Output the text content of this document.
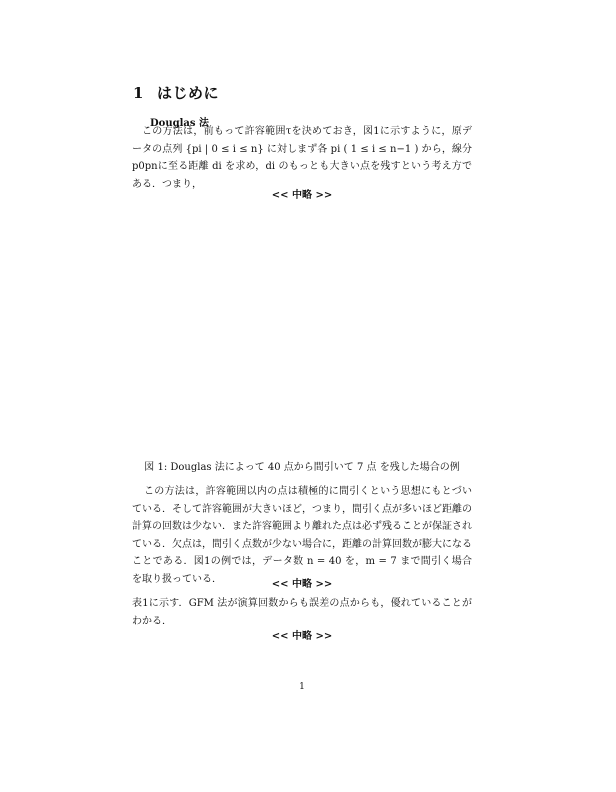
1 はじめに
Douglas 法

この方法は，前もって許容範囲τを決めておき，図1に示すように，原データの点列 {pi | 0 ≤ i ≤ n} に対しまず各 pi ( 1 ≤ i ≤ n−1 ) から，線分p0pnに至る距離 di を求め，di のもっとも大きい点を残すという考え方である．つまり，

<< 中略 >>
図 1: Douglas 法によって 40 点から間引いて 7 点 を残した場合の例

この方法は，許容範囲以内の点は積極的に間引くという思想にもとづいている．そして許容範囲が大きいほど，つまり，間引く点が多いほど距離の計算の回数は少ない．また許容範囲より離れた点は必ず残ることが保証されている．欠点は，間引く点数が少ない場合に，距離の計算回数が膨大になることである．図1の例では，データ数 n = 40 を，m = 7 まで間引く場合を取り扱っている．	<< 中略 >>

表1に示す．GFM 法が演算回数からも誤差の点からも，優れていることがわかる．

<< 中略 >>
1
